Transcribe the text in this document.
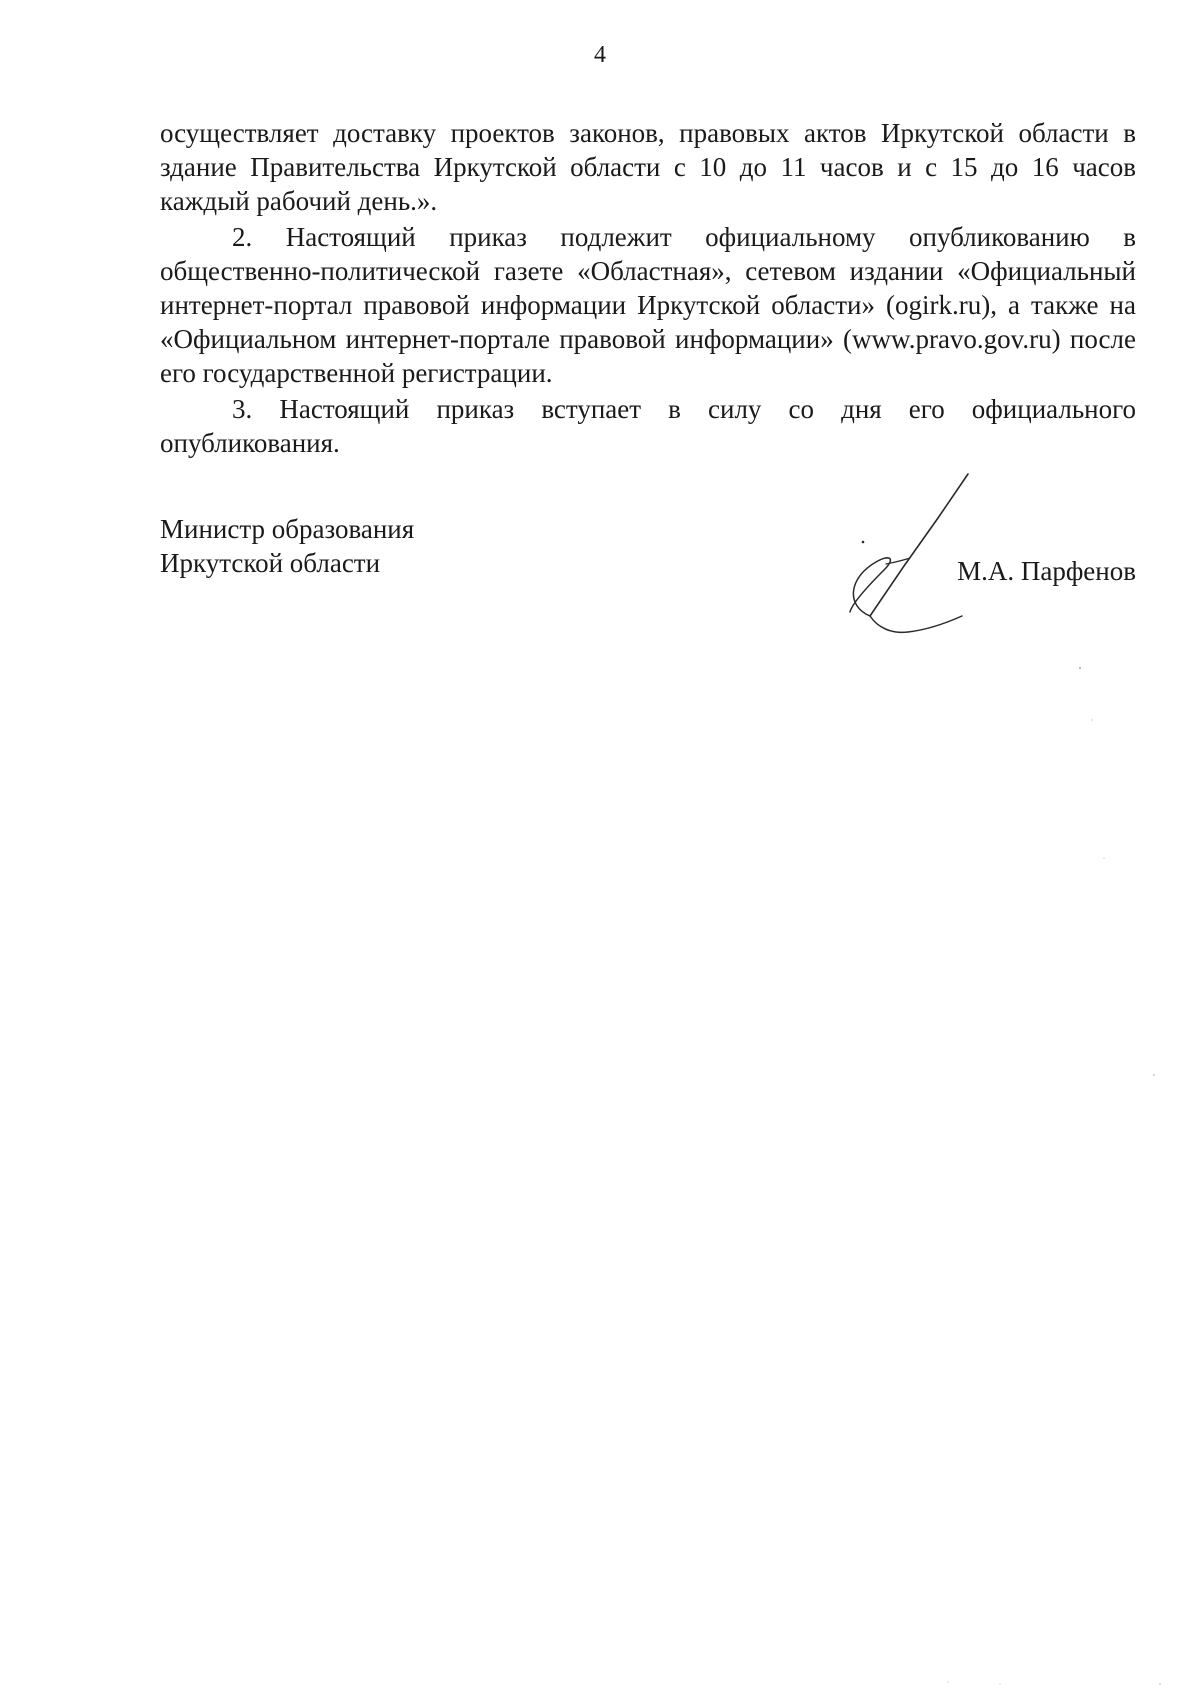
4

осуществляет доставку проектов законов, правовых актов Иркутской области в здание Правительства Иркутской области с 10 до 11 часов и с 15 до 16 часов каждый рабочий день.».

2. Настоящий приказ подлежит официальному опубликованию в общественно-политической газете «Областная», сетевом издании «Официальный интернет-портал правовой информации Иркутской области» (ogirk.ru), а также на «Официальном интернет-портале правовой информации» (www.pravo.gov.ru) после его государственной регистрации.

3. Настоящий приказ вступает в силу со дня его официального опубликования.

Министр образования
Иркутской области	М.А. Парфенов
